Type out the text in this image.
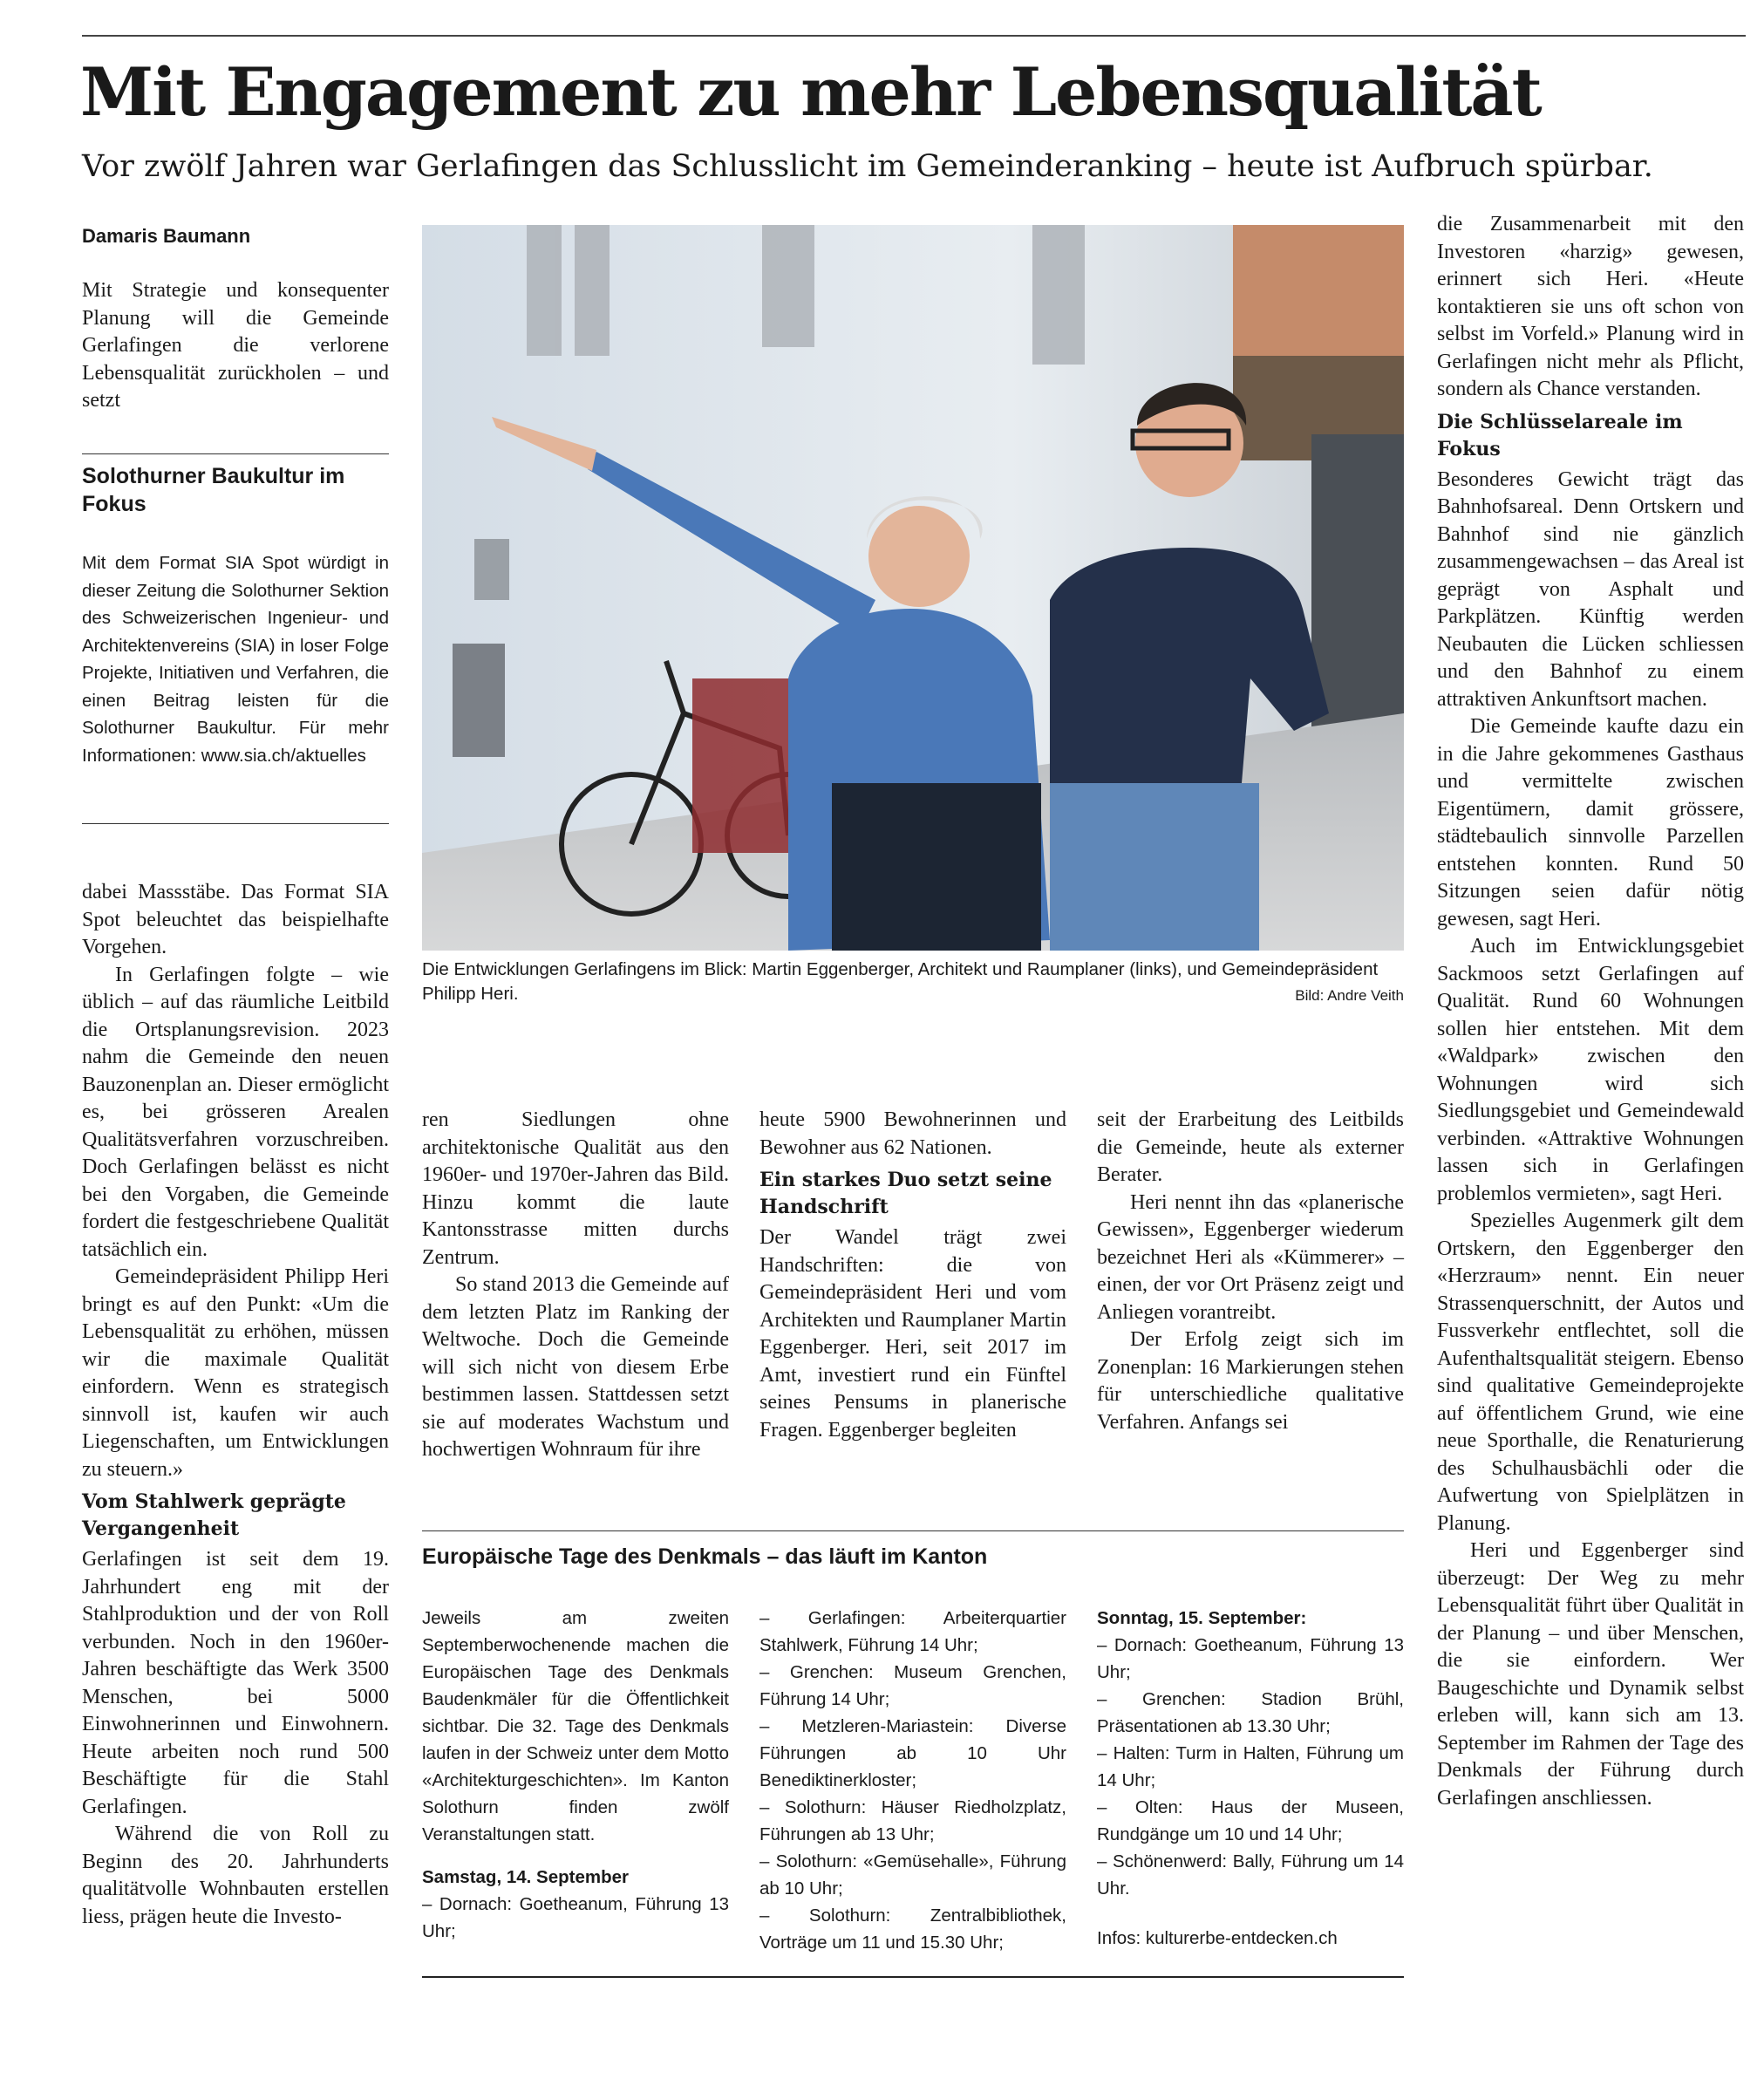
Mit Engagement zu mehr Lebensqualität
Vor zwölf Jahren war Gerlafingen das Schlusslicht im Gemeinderanking – heute ist Aufbruch spürbar.
Damaris Baumann

Mit Strategie und konsequenter Planung will die Gemeinde Gerlafingen die verlorene Lebensqualität zurückholen – und setzt

Solothurner Baukultur im Fokus

Mit dem Format SIA Spot würdigt in dieser Zeitung die Solothurner Sektion des Schweizerischen Ingenieur- und Architektenvereins (SIA) in loser Folge Projekte, Initiativen und Verfahren, die einen Beitrag leisten für die Solothurner Baukultur. Für mehr Informationen: www.sia.ch/aktuelles

dabei Massstäbe. Das Format SIA Spot beleuchtet das beispielhafte Vorgehen.

In Gerlafingen folgte – wie üblich – auf das räumliche Leitbild die Ortsplanungsrevision. 2023 nahm die Gemeinde den neuen Bauzonenplan an. Dieser ermöglicht es, bei grösseren Arealen Qualitätsverfahren vorzuschreiben. Doch Gerlafingen belässt es nicht bei den Vorgaben, die Gemeinde fordert die festgeschriebene Qualität tatsächlich ein.

Gemeindepräsident Philipp Heri bringt es auf den Punkt: «Um die Lebensqualität zu erhöhen, müssen wir die maximale Qualität einfordern. Wenn es strategisch sinnvoll ist, kaufen wir auch Liegenschaften, um Entwicklungen zu steuern.»

Vom Stahlwerk geprägte Vergangenheit

Gerlafingen ist seit dem 19. Jahrhundert eng mit der Stahlproduktion und der von Roll verbunden. Noch in den 1960er-Jahren beschäftigte das Werk 3500 Menschen, bei 5000 Einwohnerinnen und Einwohnern. Heute arbeiten noch rund 500 Beschäftigte für die Stahl Gerlafingen.

Während die von Roll zu Beginn des 20. Jahrhunderts qualitätvolle Wohnbauten erstellen liess, prägen heute die Investo-

Die Entwicklungen Gerlafingens im Blick: Martin Eggenberger, Architekt und Raumplaner (links), und Gemeindepräsident Philipp Heri.	Bild: Andre Veith

ren Siedlungen ohne architektonische Qualität aus den 1960er- und 1970er-Jahren das Bild. Hinzu kommt die laute Kantonsstrasse mitten durchs Zentrum.

So stand 2013 die Gemeinde auf dem letzten Platz im Ranking der Weltwoche. Doch die Gemeinde will sich nicht von diesem Erbe bestimmen lassen. Stattdessen setzt sie auf moderates Wachstum und hochwertigen Wohnraum für ihre

heute 5900 Bewohnerinnen und Bewohner aus 62 Nationen.

Ein starkes Duo setzt seine Handschrift

Der Wandel trägt zwei Handschriften: die von Gemeindepräsident Heri und vom Architekten und Raumplaner Martin Eggenberger. Heri, seit 2017 im Amt, investiert rund ein Fünftel seines Pensums in planerische Fragen. Eggenberger begleiten

seit der Erarbeitung des Leitbilds die Gemeinde, heute als externer Berater.

Heri nennt ihn das «planerische Gewissen», Eggenberger wiederum bezeichnet Heri als «Kümmerer» – einen, der vor Ort Präsenz zeigt und Anliegen vorantreibt.

Der Erfolg zeigt sich im Zonenplan: 16 Markierungen stehen für unterschiedliche qualitative Verfahren. Anfangs sei

Europäische Tage des Denkmals – das läuft im Kanton

Jeweils am zweiten Septemberwochenende machen die Europäischen Tage des Denkmals Baudenkmäler für die Öffentlichkeit sichtbar. Die 32. Tage des Denkmals laufen in der Schweiz unter dem Motto «Architekturgeschichten». Im Kanton Solothurn finden zwölf Veranstaltungen statt.

Samstag, 14. September

– Dornach: Goetheanum, Führung 13 Uhr;

– Gerlafingen: Arbeiterquartier Stahlwerk, Führung 14 Uhr;

– Grenchen: Museum Grenchen, Führung 14 Uhr;

– Metzleren-Mariastein: Diverse Führungen ab 10 Uhr Benediktinerkloster;

– Solothurn: Häuser Riedholzplatz, Führungen ab 13 Uhr;

– Solothurn: «Gemüsehalle», Führung ab 10 Uhr;

– Solothurn: Zentralbibliothek, Vorträge um 11 und 15.30 Uhr;

Sonntag, 15. September:

– Dornach: Goetheanum, Führung 13 Uhr;

– Grenchen: Stadion Brühl, Präsentationen ab 13.30 Uhr;

– Halten: Turm in Halten, Führung um 14 Uhr;

– Olten: Haus der Museen, Rundgänge um 10 und 14 Uhr;

– Schönenwerd: Bally, Führung um 14 Uhr.

Infos: kulturerbe-entdecken.ch

die Zusammenarbeit mit den Investoren «harzig» gewesen, erinnert sich Heri. «Heute kontaktieren sie uns oft schon von selbst im Vorfeld.» Planung wird in Gerlafingen nicht mehr als Pflicht, sondern als Chance verstanden.

Die Schlüsselareale im Fokus

Besonderes Gewicht trägt das Bahnhofsareal. Denn Ortskern und Bahnhof sind nie gänzlich zusammengewachsen – das Areal ist geprägt von Asphalt und Parkplätzen. Künftig werden Neubauten die Lücken schliessen und den Bahnhof zu einem attraktiven Ankunftsort machen.

Die Gemeinde kaufte dazu ein in die Jahre gekommenes Gasthaus und vermittelte zwischen Eigentümern, damit grössere, städtebaulich sinnvolle Parzellen entstehen konnten. Rund 50 Sitzungen seien dafür nötig gewesen, sagt Heri.

Auch im Entwicklungsgebiet Sackmoos setzt Gerlafingen auf Qualität. Rund 60 Wohnungen sollen hier entstehen. Mit dem «Waldpark» zwischen den Wohnungen wird sich Siedlungsgebiet und Gemeindewald verbinden. «Attraktive Wohnungen lassen sich in Gerlafingen problemlos vermieten», sagt Heri.

Spezielles Augenmerk gilt dem Ortskern, den Eggenberger den «Herzraum» nennt. Ein neuer Strassenquerschnitt, der Autos und Fussverkehr entflechtet, soll die Aufenthaltsqualität steigern. Ebenso sind qualitative Gemeindeprojekte auf öffentlichem Grund, wie eine neue Sporthalle, die Renaturierung des Schulhausbächli oder die Aufwertung von Spielplätzen in Planung.

Heri und Eggenberger sind überzeugt: Der Weg zu mehr Lebensqualität führt über Qualität in der Planung – und über Menschen, die sie einfordern. Wer Baugeschichte und Dynamik selbst erleben will, kann sich am 13. September im Rahmen der Tage des Denkmals der Führung durch Gerlafingen anschliessen.
